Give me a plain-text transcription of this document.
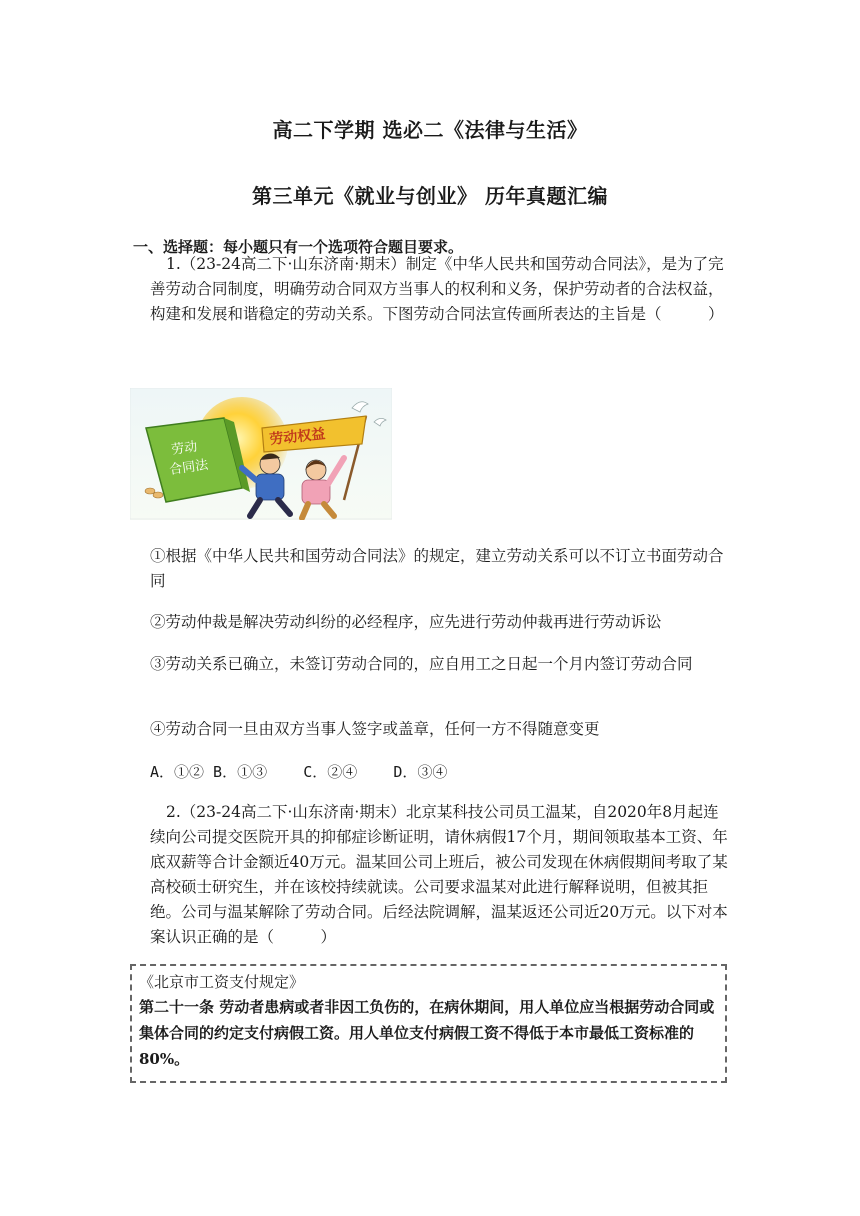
高二下学期 选必二《法律与生活》
第三单元《就业与创业》 历年真题汇编
一、选择题：每小题只有一个选项符合题目要求。
1.（23-24高二下·山东济南·期末）制定《中华人民共和国劳动合同法》，是为了完善劳动合同制度，明确劳动合同双方当事人的权利和义务，保护劳动者的合法权益，构建和发展和谐稳定的劳动关系。下图劳动合同法宣传画所表达的主旨是（　　　）
劳动
合同法
劳动权益
①根据《中华人民共和国劳动合同法》的规定，建立劳动关系可以不订立书面劳动合同
②劳动仲裁是解决劳动纠纷的必经程序，应先进行劳动仲裁再进行劳动诉讼
③劳动关系已确立，未签订劳动合同的，应自用工之日起一个月内签订劳动合同
④劳动合同一旦由双方当事人签字或盖章，任何一方不得随意变更
A．①② B．①③    C．②④    D．③④
2.（23-24高二下·山东济南·期末）北京某科技公司员工温某，自2020年8月起连续向公司提交医院开具的抑郁症诊断证明，请休病假17个月，期间领取基本工资、年底双薪等合计金额近40万元。温某回公司上班后，被公司发现在休病假期间考取了某高校硕士研究生，并在该校持续就读。公司要求温某对此进行解释说明，但被其拒绝。公司与温某解除了劳动合同。后经法院调解，温某返还公司近20万元。以下对本案认识正确的是（　　　）
《北京市工资支付规定》
第二十一条 劳动者患病或者非因工负伤的，在病休期间，用人单位应当根据劳动合同或集体合同的约定支付病假工资。用人单位支付病假工资不得低于本市最低工资标准的80%。
